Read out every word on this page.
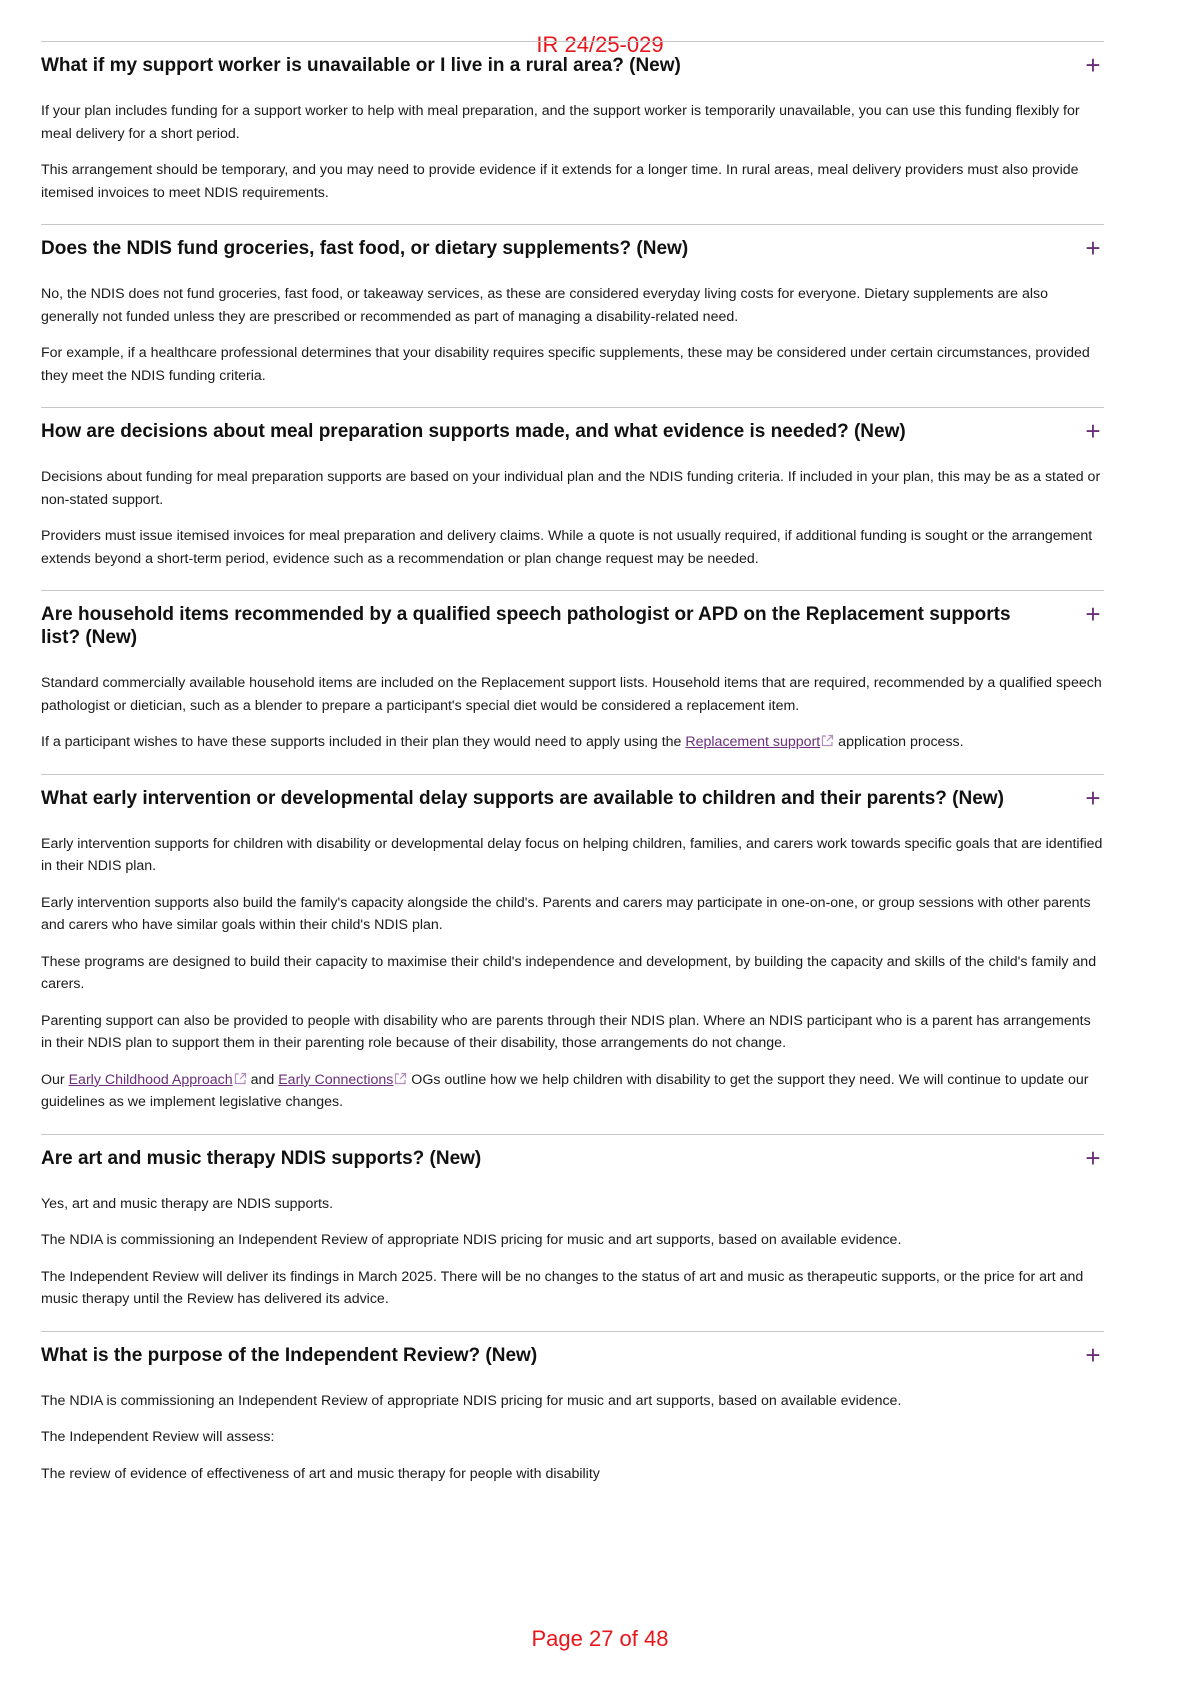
IR 24/25-029
What if my support worker is unavailable or I live in a rural area? (New)	+

If your plan includes funding for a support worker to help with meal preparation, and the support worker is temporarily unavailable, you can use this funding flexibly for meal delivery for a short period.

This arrangement should be temporary, and you may need to provide evidence if it extends for a longer time. In rural areas, meal delivery providers must also provide itemised invoices to meet NDIS requirements.

Does the NDIS fund groceries, fast food, or dietary supplements? (New)	+

No, the NDIS does not fund groceries, fast food, or takeaway services, as these are considered everyday living costs for everyone. Dietary supplements are also generally not funded unless they are prescribed or recommended as part of managing a disability-related need.

For example, if a healthcare professional determines that your disability requires specific supplements, these may be considered under certain circumstances, provided they meet the NDIS funding criteria.

How are decisions about meal preparation supports made, and what evidence is needed? (New)	+

Decisions about funding for meal preparation supports are based on your individual plan and the NDIS funding criteria. If included in your plan, this may be as a stated or non-stated support.

Providers must issue itemised invoices for meal preparation and delivery claims. While a quote is not usually required, if additional funding is sought or the arrangement extends beyond a short-term period, evidence such as a recommendation or plan change request may be needed.

Are household items recommended by a qualified speech pathologist or APD on the Replacement supports list? (New)
+

Standard commercially available household items are included on the Replacement support lists. Household items that are required, recommended by a qualified speech pathologist or dietician, such as a blender to prepare a participant's special diet would be considered a replacement item.

If a participant wishes to have these supports included in their plan they would need to apply using the Replacement support application process.

What early intervention or developmental delay supports are available to children and their parents? (New)	+

Early intervention supports for children with disability or developmental delay focus on helping children, families, and carers work towards specific goals that are identified in their NDIS plan.

Early intervention supports also build the family's capacity alongside the child's. Parents and carers may participate in one-on-one, or group sessions with other parents and carers who have similar goals within their child's NDIS plan.

These programs are designed to build their capacity to maximise their child's independence and development, by building the capacity and skills of the child's family and carers.

Parenting support can also be provided to people with disability who are parents through their NDIS plan. Where an NDIS participant who is a parent has arrangements in their NDIS plan to support them in their parenting role because of their disability, those arrangements do not change.

Our Early Childhood Approach and Early Connections OGs outline how we help children with disability to get the support they need. We will continue to update our guidelines as we implement legislative changes.

Are art and music therapy NDIS supports? (New)	+

Yes, art and music therapy are NDIS supports.

The NDIA is commissioning an Independent Review of appropriate NDIS pricing for music and art supports, based on available evidence.

The Independent Review will deliver its findings in March 2025. There will be no changes to the status of art and music as therapeutic supports, or the price for art and music therapy until the Review has delivered its advice.

What is the purpose of the Independent Review? (New)	+

The NDIA is commissioning an Independent Review of appropriate NDIS pricing for music and art supports, based on available evidence.

The Independent Review will assess:

The review of evidence of effectiveness of art and music therapy for people with disability

Page 27 of 48
